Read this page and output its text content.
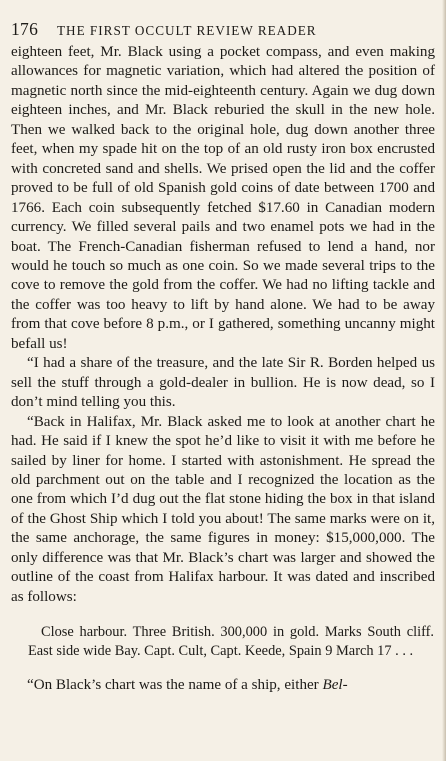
176	THE FIRST OCCULT REVIEW READER

eighteen feet, Mr. Black using a pocket compass, and even making allowances for magnetic variation, which had altered the position of magnetic north since the mid-eighteenth century. Again we dug down eighteen inches, and Mr. Black reburied the skull in the new hole. Then we walked back to the original hole, dug down another three feet, when my spade hit on the top of an old rusty iron box encrusted with concreted sand and shells. We prised open the lid and the coffer proved to be full of old Spanish gold coins of date between 1700 and 1766. Each coin subsequently fetched $17.60 in Canadian modern currency. We filled several pails and two enamel pots we had in the boat. The French-Canadian fisherman refused to lend a hand, nor would he touch so much as one coin. So we made several trips to the cove to remove the gold from the coffer. We had no lifting tackle and the coffer was too heavy to lift by hand alone. We had to be away from that cove before 8 p.m., or I gathered, something uncanny might befall us!

“I had a share of the treasure, and the late Sir R. Borden helped us sell the stuff through a gold-dealer in bullion. He is now dead, so I don’t mind telling you this.

“Back in Halifax, Mr. Black asked me to look at another chart he had. He said if I knew the spot he’d like to visit it with me before he sailed by liner for home. I started with astonishment. He spread the old parchment out on the table and I recognized the location as the one from which I’d dug out the flat stone hiding the box in that island of the Ghost Ship which I told you about! The same marks were on it, the same anchorage, the same figures in money: $15,000,000. The only difference was that Mr. Black’s chart was larger and showed the outline of the coast from Halifax harbour. It was dated and inscribed as follows:

Close harbour. Three British. 300,000 in gold. Marks South cliff. East side wide Bay. Capt. Cult, Capt. Keede, Spain 9 March 17 . . .

“On Black’s chart was the name of a ship, either Bel-
